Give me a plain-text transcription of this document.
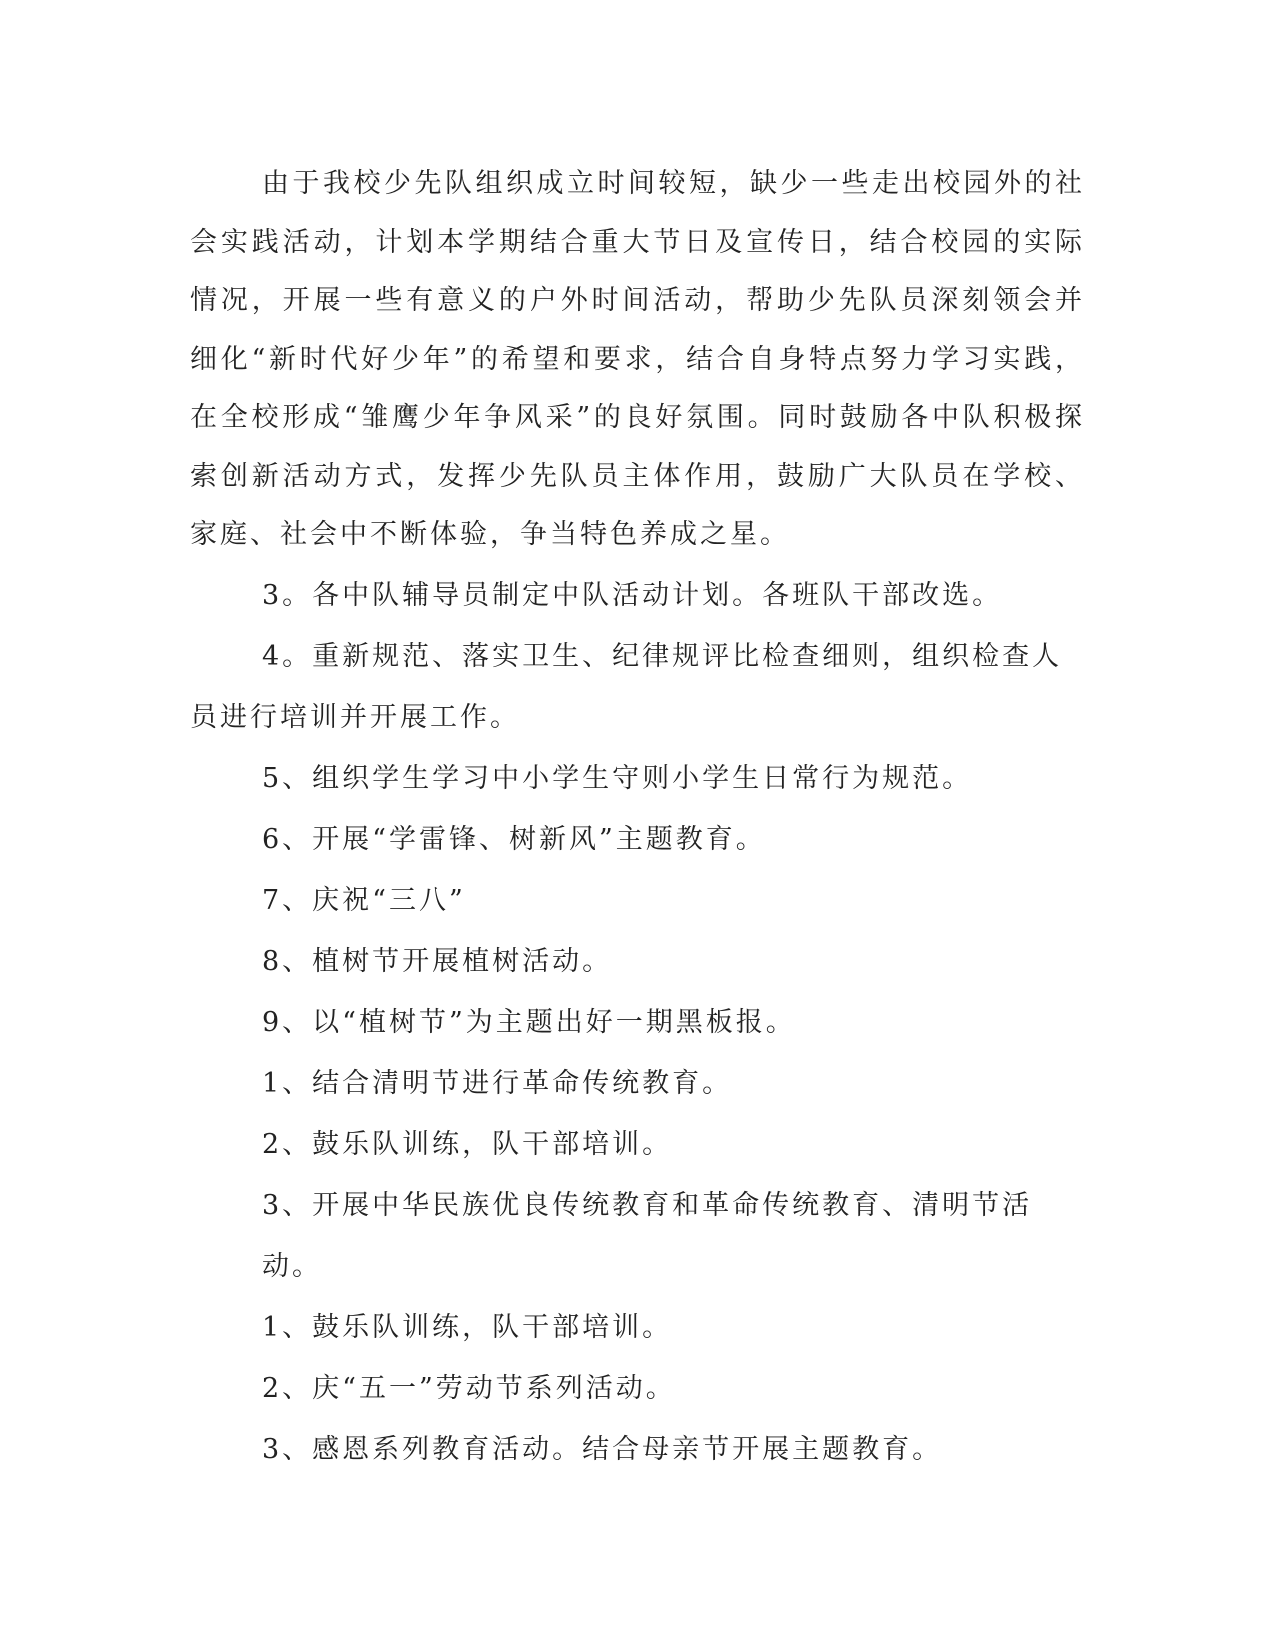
由于我校少先队组织成立时间较短，缺少一些走出校园外的社会实践活动，计划本学期结合重大节日及宣传日，结合校园的实际情况，开展一些有意义的户外时间活动，帮助少先队员深刻领会并细化“新时代好少年”的希望和要求，结合自身特点努力学习实践，在全校形成“雏鹰少年争风采”的良好氛围。同时鼓励各中队积极探索创新活动方式，发挥少先队员主体作用，鼓励广大队员在学校、家庭、社会中不断体验，争当特色养成之星。

3。各中队辅导员制定中队活动计划。各班队干部改选。

4。重新规范、落实卫生、纪律规评比检查细则，组织检查人员进行培训并开展工作。

5、组织学生学习中小学生守则小学生日常行为规范。

6、开展“学雷锋、树新风”主题教育。

7、庆祝“三八”

8、植树节开展植树活动。

9、以“植树节”为主题出好一期黑板报。

1、结合清明节进行革命传统教育。

2、鼓乐队训练，队干部培训。

3、开展中华民族优良传统教育和革命传统教育、清明节活动。

1、鼓乐队训练，队干部培训。

2、庆“五一”劳动节系列活动。

3、感恩系列教育活动。结合母亲节开展主题教育。
